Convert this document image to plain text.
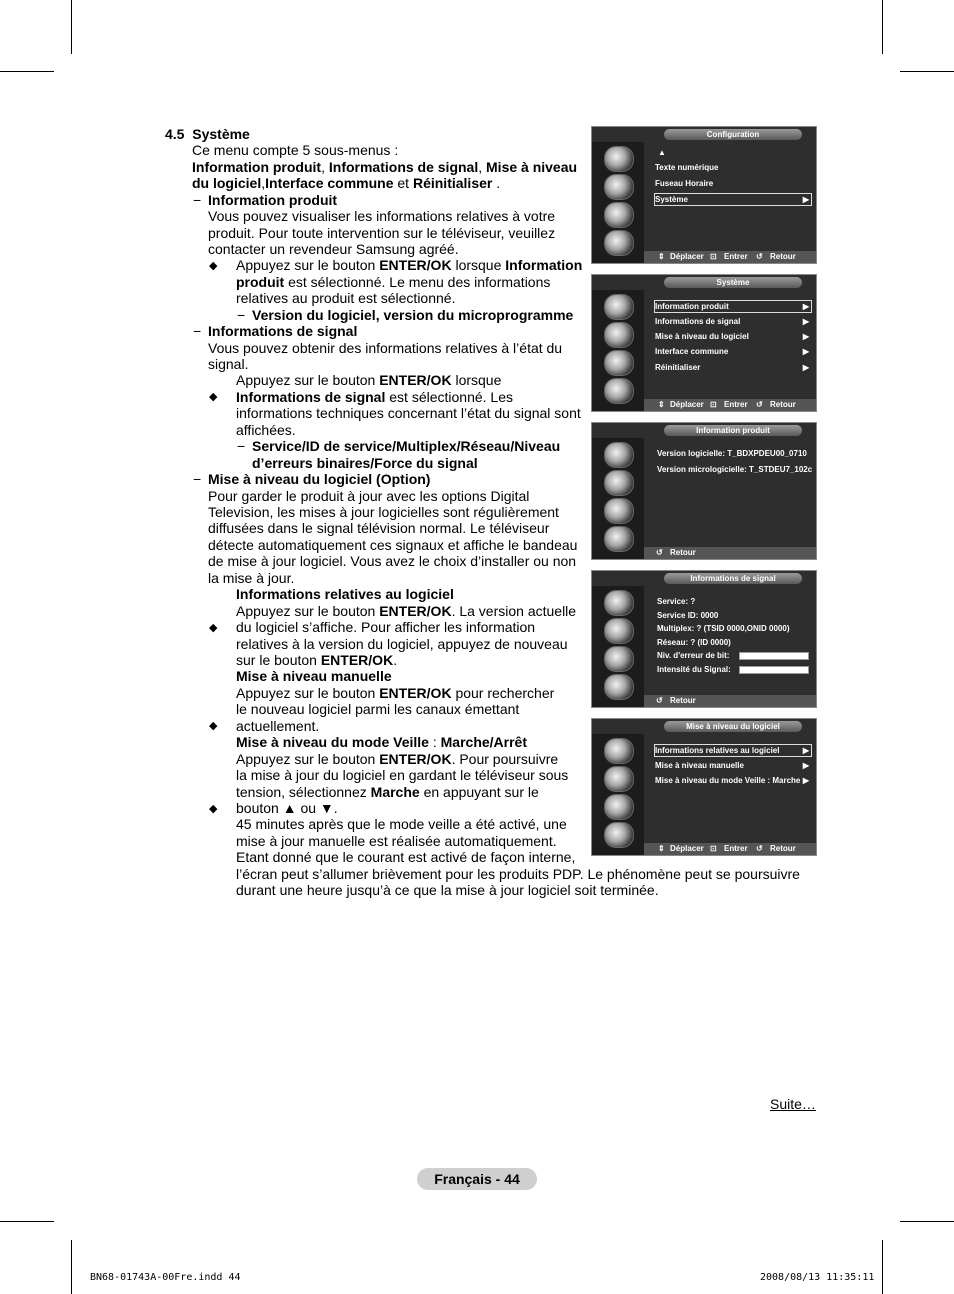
4.5 Système
Ce menu compte 5 sous-menus :
Information produit, Informations de signal, Mise à niveau
du logiciel,Interface commune et Réinitialiser .
− Information produit
Vous pouvez visualiser les informations relatives à votre
produit. Pour toute intervention sur le téléviseur, veuillez
contacter un revendeur Samsung agréé.
◆	Appuyez sur le bouton ENTER/OK lorsque Information
produit est sélectionné. Le menu des informations
relatives au produit est sélectionné.
− Version du logiciel, version du microprogramme
− Informations de signal
Vous pouvez obtenir des informations relatives à l’état du
signal.
◆
Appuyez sur le bouton ENTER/OK lorsque
Informations de signal est sélectionné. Les
informations techniques concernant l’état du signal sont
affichées.
− Service/ID de service/Multiplex/Réseau/Niveau
d’erreurs binaires/Force du signal
− Mise à niveau du logiciel (Option)
Pour garder le produit à jour avec les options Digital
Television, les mises à jour logicielles sont régulièrement
diffusées dans le signal télévision normal. Le téléviseur
détecte automatiquement ces signaux et affiche le bandeau
de mise à jour logiciel. Vous avez le choix d’installer ou non
la mise à jour.
◆
Informations relatives au logiciel
Appuyez sur le bouton ENTER/OK. La version actuelle
du logiciel s’affiche. Pour afficher les information
relatives à la version du logiciel, appuyez de nouveau
sur le bouton ENTER/OK.
◆
Mise à niveau manuelle
Appuyez sur le bouton ENTER/OK pour rechercher
le nouveau logiciel parmi les canaux émettant
actuellement.
◆
Mise à niveau du mode Veille : Marche/Arrêt
Appuyez sur le bouton ENTER/OK. Pour poursuivre
la mise à jour du logiciel en gardant le téléviseur sous
tension, sélectionnez Marche en appuyant sur le
bouton ▲ ou ▼.
45 minutes après que le mode veille a été activé, une
mise à jour manuelle est réalisée automatiquement.
Etant donné que le courant est activé de façon interne,
l’écran peut s’allumer brièvement pour les produits PDP. Le phénomène peut se poursuivre
durant une heure jusqu’à ce que la mise à jour logiciel soit terminée.
Configuration
▲
Texte numérique
Fuseau Horaire
Système	▶
⇕ Déplacer ⊡ Entrer ↺ Retour
Système
Information produit	▶
Informations de signal	▶
Mise à niveau du logiciel	▶
Interface commune	▶
Réinitialiser	▶
⇕ Déplacer ⊡ Entrer ↺ Retour
Information produit
Version logicielle: T_BDXPDEU00_0710
Version micrologicielle: T_STDEU7_102c
↺ Retour
Informations de signal
Service: ?
Service ID: 0000
Multiplex: ? (TSID 0000,ONID 0000)
Réseau: ? (ID 0000)
Niv. d'erreur de bit:
Intensité du Signal:
↺ Retour
Mise à niveau du logiciel
Informations relatives au logiciel	▶
Mise à niveau manuelle	▶
Mise à niveau du mode Veille : Marche ▶
⇕ Déplacer ⊡ Entrer ↺ Retour
Suite…
Français - 44
BN68-01743A-00Fre.indd 44	2008/08/13 11:35:11
